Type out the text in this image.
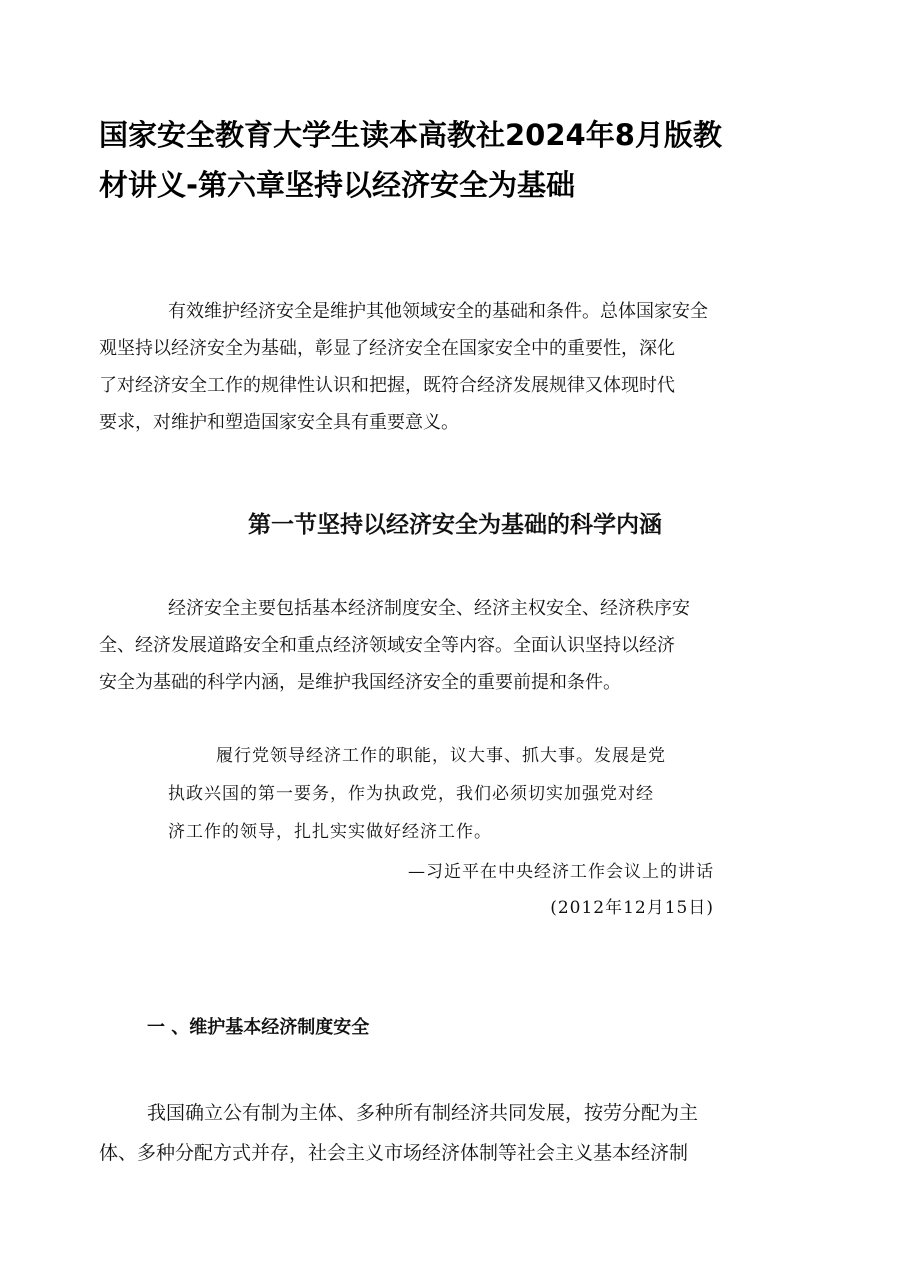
国家安全教育大学生读本高教社2024年8月版教
材讲义-第六章坚持以经济安全为基础

有效维护经济安全是维护其他领域安全的基础和条件。总体国家安全
观坚持以经济安全为基础，彰显了经济安全在国家安全中的重要性，深化
了对经济安全工作的规律性认识和把握，既符合经济发展规律又体现时代
要求，对维护和塑造国家安全具有重要意义。

第一节坚持以经济安全为基础的科学内涵

经济安全主要包括基本经济制度安全、经济主权安全、经济秩序安
全、经济发展道路安全和重点经济领域安全等内容。全面认识坚持以经济
安全为基础的科学内涵，是维护我国经济安全的重要前提和条件。

履行党领导经济工作的职能，议大事、抓大事。发展是党
执政兴国的第一要务，作为执政党，我们必须切实加强党对经
济工作的领导，扎扎实实做好经济工作。

—习近平在中央经济工作会议上的讲话

(2012年12月15日)

一 、维护基本经济制度安全

我国确立公有制为主体、多种所有制经济共同发展，按劳分配为主
体、多种分配方式并存，社会主义市场经济体制等社会主义基本经济制
